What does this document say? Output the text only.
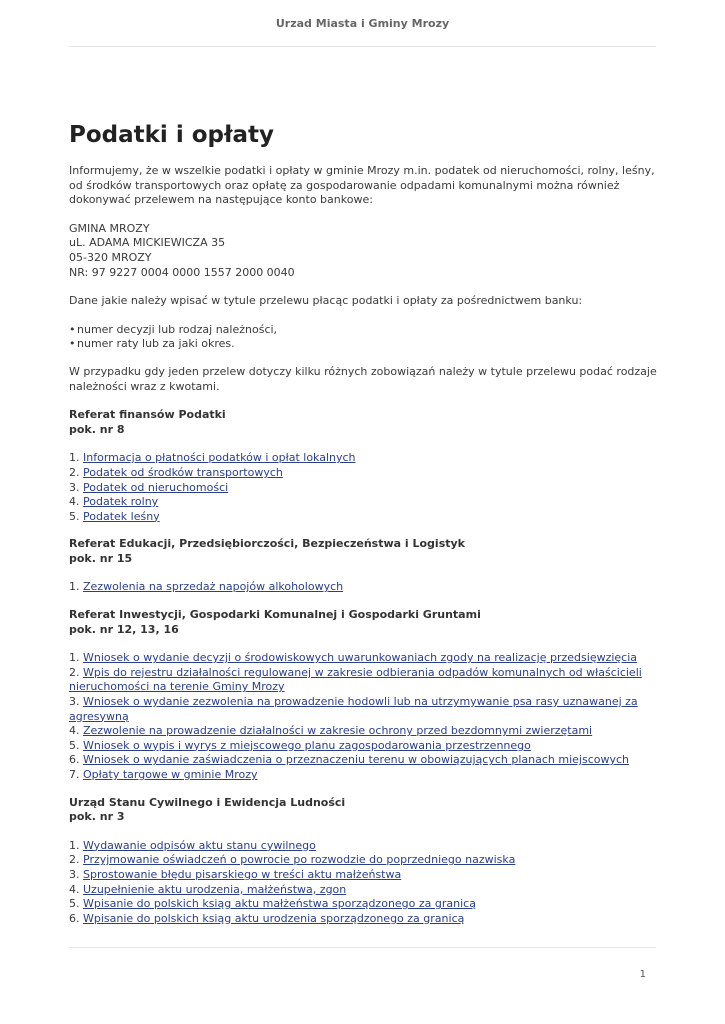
Urzad Miasta i Gminy Mrozy
Podatki i opłaty

Informujemy, że w wszelkie podatki i opłaty w gminie Mrozy m.in. podatek od nieruchomości, rolny, leśny, od środków transportowych oraz opłatę za gospodarowanie odpadami komunalnymi można również dokonywać przelewem na następujące konto bankowe:

GMINA MROZY
uL. ADAMA MICKIEWICZA 35
05-320 MROZY
NR: 97 9227 0004 0000 1557 2000 0040

Dane jakie należy wpisać w tytule przelewu płacąc podatki i opłaty za pośrednictwem banku:

• numer decyzji lub rodzaj należności,
• numer raty lub za jaki okres.

W przypadku gdy jeden przelew dotyczy kilku różnych zobowiązań należy w tytule przelewu podać rodzaje należności wraz z kwotami.

Referat finansów Podatki
pok. nr 8
1. Informacja o płatności podatków i opłat lokalnych
2. Podatek od środków transportowych
3. Podatek od nieruchomości
4. Podatek rolny
5. Podatek leśny
Referat Edukacji, Przedsiębiorczości, Bezpieczeństwa i Logistyk
pok. nr 15
1. Zezwolenia na sprzedaż napojów alkoholowych
Referat Inwestycji, Gospodarki Komunalnej i Gospodarki Gruntami
pok. nr 12, 13, 16
1. Wniosek o wydanie decyzji o środowiskowych uwarunkowaniach zgody na realizację przedsięwzięcia
2. Wpis do rejestru działalności regulowanej w zakresie odbierania odpadów komunalnych od właścicieli nieruchomości na terenie Gminy Mrozy
3. Wniosek o wydanie zezwolenia na prowadzenie hodowli lub na utrzymywanie psa rasy uznawanej za agresywną
4. Zezwolenie na prowadzenie działalności w zakresie ochrony przed bezdomnymi zwierzętami
5. Wniosek o wypis i wyrys z miejscowego planu zagospodarowania przestrzennego
6. Wniosek o wydanie zaświadczenia o przeznaczeniu terenu w obowiązujących planach miejscowych
7. Opłaty targowe w gminie Mrozy
Urząd Stanu Cywilnego i Ewidencja Ludności
pok. nr 3
1. Wydawanie odpisów aktu stanu cywilnego
2. Przyjmowanie oświadczeń o powrocie po rozwodzie do poprzedniego nazwiska
3. Sprostowanie błędu pisarskiego w treści aktu małżeństwa
4. Uzupełnienie aktu urodzenia, małżeństwa, zgon
5. Wpisanie do polskich ksiąg aktu małżeństwa sporządzonego za granicą
6. Wpisanie do polskich ksiąg aktu urodzenia sporządzonego za granicą
1
